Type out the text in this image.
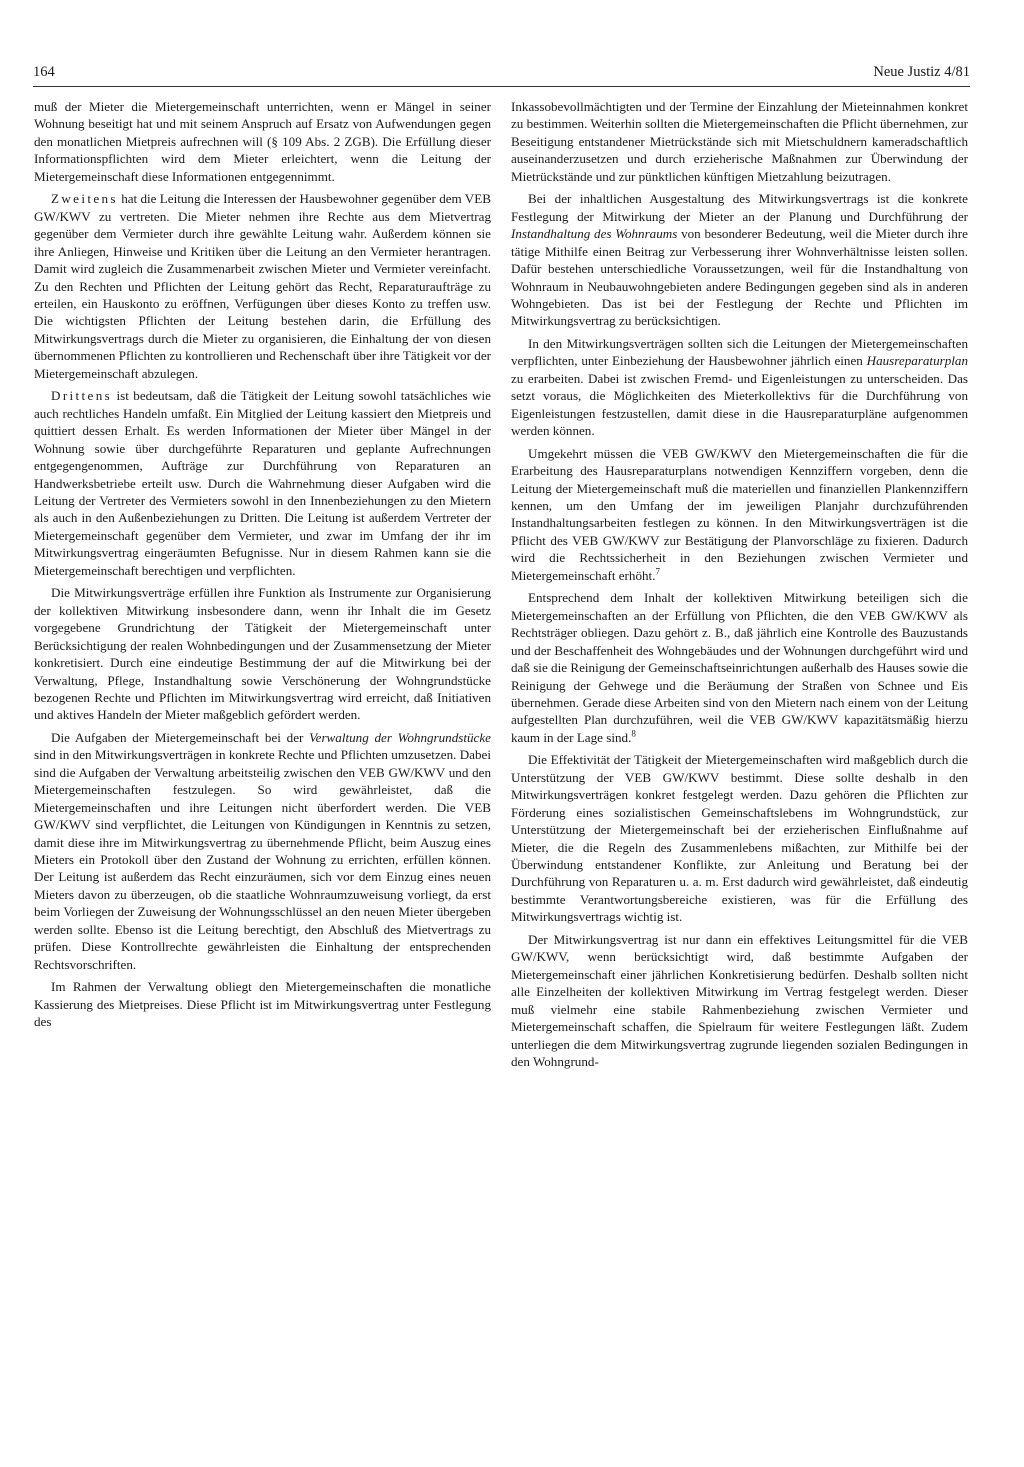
164	Neue Justiz 4/81

muß der Mieter die Mietergemeinschaft unterrichten, wenn er Mängel in seiner Wohnung beseitigt hat und mit seinem Anspruch auf Ersatz von Aufwendungen gegen den monatlichen Mietpreis aufrechnen will (§ 109 Abs. 2 ZGB). Die Erfüllung dieser Informationspflichten wird dem Mieter erleichtert, wenn die Leitung der Mietergemeinschaft diese Informationen entgegennimmt.

Zweitens hat die Leitung die Interessen der Hausbewohner gegenüber dem VEB GW/KWV zu vertreten. Die Mieter nehmen ihre Rechte aus dem Mietvertrag gegenüber dem Vermieter durch ihre gewählte Leitung wahr. Außerdem können sie ihre Anliegen, Hinweise und Kritiken über die Leitung an den Vermieter herantragen. Damit wird zugleich die Zusammenarbeit zwischen Mieter und Vermieter vereinfacht. Zu den Rechten und Pflichten der Leitung gehört das Recht, Reparaturaufträge zu erteilen, ein Hauskonto zu eröffnen, Verfügungen über dieses Konto zu treffen usw. Die wichtigsten Pflichten der Leitung bestehen darin, die Erfüllung des Mitwirkungsvertrags durch die Mieter zu organisieren, die Einhaltung der von diesen übernommenen Pflichten zu kontrollieren und Rechenschaft über ihre Tätigkeit vor der Mietergemeinschaft abzulegen.

Drittens ist bedeutsam, daß die Tätigkeit der Leitung sowohl tatsächliches wie auch rechtliches Handeln umfaßt. Ein Mitglied der Leitung kassiert den Mietpreis und quittiert dessen Erhalt. Es werden Informationen der Mieter über Mängel in der Wohnung sowie über durchgeführte Reparaturen und geplante Aufrechnungen entgegengenommen, Aufträge zur Durchführung von Reparaturen an Handwerksbetriebe erteilt usw. Durch die Wahrnehmung dieser Aufgaben wird die Leitung der Vertreter des Vermieters sowohl in den Innenbeziehungen zu den Mietern als auch in den Außenbeziehungen zu Dritten. Die Leitung ist außerdem Vertreter der Mietergemeinschaft gegenüber dem Vermieter, und zwar im Umfang der ihr im Mitwirkungsvertrag eingeräumten Befugnisse. Nur in diesem Rahmen kann sie die Mietergemeinschaft berechtigen und verpflichten.

Die Mitwirkungsverträge erfüllen ihre Funktion als Instrumente zur Organisierung der kollektiven Mitwirkung insbesondere dann, wenn ihr Inhalt die im Gesetz vorgegebene Grundrichtung der Tätigkeit der Mietergemeinschaft unter Berücksichtigung der realen Wohnbedingungen und der Zusammensetzung der Mieter konkretisiert. Durch eine eindeutige Bestimmung der auf die Mitwirkung bei der Verwaltung, Pflege, Instandhaltung sowie Verschönerung der Wohngrundstücke bezogenen Rechte und Pflichten im Mitwirkungsvertrag wird erreicht, daß Initiativen und aktives Handeln der Mieter maßgeblich gefördert werden.

Die Aufgaben der Mietergemeinschaft bei der Verwaltung der Wohngrundstücke sind in den Mitwirkungsverträgen in konkrete Rechte und Pflichten umzusetzen. Dabei sind die Aufgaben der Verwaltung arbeitsteilig zwischen den VEB GW/KWV und den Mietergemeinschaften festzulegen. So wird gewährleistet, daß die Mietergemeinschaften und ihre Leitungen nicht überfordert werden. Die VEB GW/KWV sind verpflichtet, die Leitungen von Kündigungen in Kenntnis zu setzen, damit diese ihre im Mitwirkungsvertrag zu übernehmende Pflicht, beim Auszug eines Mieters ein Protokoll über den Zustand der Wohnung zu errichten, erfüllen können. Der Leitung ist außerdem das Recht einzuräumen, sich vor dem Einzug eines neuen Mieters davon zu überzeugen, ob die staatliche Wohnraumzuweisung vorliegt, da erst beim Vorliegen der Zuweisung der Wohnungsschlüssel an den neuen Mieter übergeben werden sollte. Ebenso ist die Leitung berechtigt, den Abschluß des Mietvertrags zu prüfen. Diese Kontrollrechte gewährleisten die Einhaltung der entsprechenden Rechtsvorschriften.

Im Rahmen der Verwaltung obliegt den Mietergemeinschaften die monatliche Kassierung des Mietpreises. Diese Pflicht ist im Mitwirkungsvertrag unter Festlegung des

Inkassobevollmächtigten und der Termine der Einzahlung der Mieteinnahmen konkret zu bestimmen. Weiterhin sollten die Mietergemeinschaften die Pflicht übernehmen, zur Beseitigung entstandener Mietrückstände sich mit Mietschuldnern kameradschaftlich auseinanderzusetzen und durch erzieherische Maßnahmen zur Überwindung der Mietrückstände und zur pünktlichen künftigen Mietzahlung beizutragen.

Bei der inhaltlichen Ausgestaltung des Mitwirkungsvertrags ist die konkrete Festlegung der Mitwirkung der Mieter an der Planung und Durchführung der Instandhaltung des Wohnraums von besonderer Bedeutung, weil die Mieter durch ihre tätige Mithilfe einen Beitrag zur Verbesserung ihrer Wohnverhältnisse leisten sollen. Dafür bestehen unterschiedliche Voraussetzungen, weil für die Instandhaltung von Wohnraum in Neubauwohngebieten andere Bedingungen gegeben sind als in anderen Wohngebieten. Das ist bei der Festlegung der Rechte und Pflichten im Mitwirkungsvertrag zu berücksichtigen.

In den Mitwirkungsverträgen sollten sich die Leitungen der Mietergemeinschaften verpflichten, unter Einbeziehung der Hausbewohner jährlich einen Hausreparaturplan zu erarbeiten. Dabei ist zwischen Fremd- und Eigenleistungen zu unterscheiden. Das setzt voraus, die Möglichkeiten des Mieterkollektivs für die Durchführung von Eigenleistungen festzustellen, damit diese in die Hausreparaturpläne aufgenommen werden können.

Umgekehrt müssen die VEB GW/KWV den Mietergemeinschaften die für die Erarbeitung des Hausreparaturplans notwendigen Kennziffern vorgeben, denn die Leitung der Mietergemeinschaft muß die materiellen und finanziellen Plankennziffern kennen, um den Umfang der im jeweiligen Planjahr durchzuführenden Instandhaltungsarbeiten festlegen zu können. In den Mitwirkungsverträgen ist die Pflicht des VEB GW/KWV zur Bestätigung der Planvorschläge zu fixieren. Dadurch wird die Rechtssicherheit in den Beziehungen zwischen Vermieter und Mietergemeinschaft erhöht.$^7$

Entsprechend dem Inhalt der kollektiven Mitwirkung beteiligen sich die Mietergemeinschaften an der Erfüllung von Pflichten, die den VEB GW/KWV als Rechtsträger obliegen. Dazu gehört z. B., daß jährlich eine Kontrolle des Bauzustands und der Beschaffenheit des Wohngebäudes und der Wohnungen durchgeführt wird und daß sie die Reinigung der Gemeinschaftseinrichtungen außerhalb des Hauses sowie die Reinigung der Gehwege und die Beräumung der Straßen von Schnee und Eis übernehmen. Gerade diese Arbeiten sind von den Mietern nach einem von der Leitung aufgestellten Plan durchzuführen, weil die VEB GW/KWV kapazitätsmäßig hierzu kaum in der Lage sind.$^8$

Die Effektivität der Tätigkeit der Mietergemeinschaften wird maßgeblich durch die Unterstützung der VEB GW/KWV bestimmt. Diese sollte deshalb in den Mitwirkungsverträgen konkret festgelegt werden. Dazu gehören die Pflichten zur Förderung eines sozialistischen Gemeinschaftslebens im Wohngrundstück, zur Unterstützung der Mietergemeinschaft bei der erzieherischen Einflußnahme auf Mieter, die die Regeln des Zusammenlebens mißachten, zur Mithilfe bei der Überwindung entstandener Konflikte, zur Anleitung und Beratung bei der Durchführung von Reparaturen u. a. m. Erst dadurch wird gewährleistet, daß eindeutig bestimmte Verantwortungsbereiche existieren, was für die Erfüllung des Mitwirkungsvertrags wichtig ist.

Der Mitwirkungsvertrag ist nur dann ein effektives Leitungsmittel für die VEB GW/KWV, wenn berücksichtigt wird, daß bestimmte Aufgaben der Mietergemeinschaft einer jährlichen Konkretisierung bedürfen. Deshalb sollten nicht alle Einzelheiten der kollektiven Mitwirkung im Vertrag festgelegt werden. Dieser muß vielmehr eine stabile Rahmenbeziehung zwischen Vermieter und Mietergemeinschaft schaffen, die Spielraum für weitere Festlegungen läßt. Zudem unterliegen die dem Mitwirkungsvertrag zugrunde liegenden sozialen Bedingungen in den Wohngrund-
